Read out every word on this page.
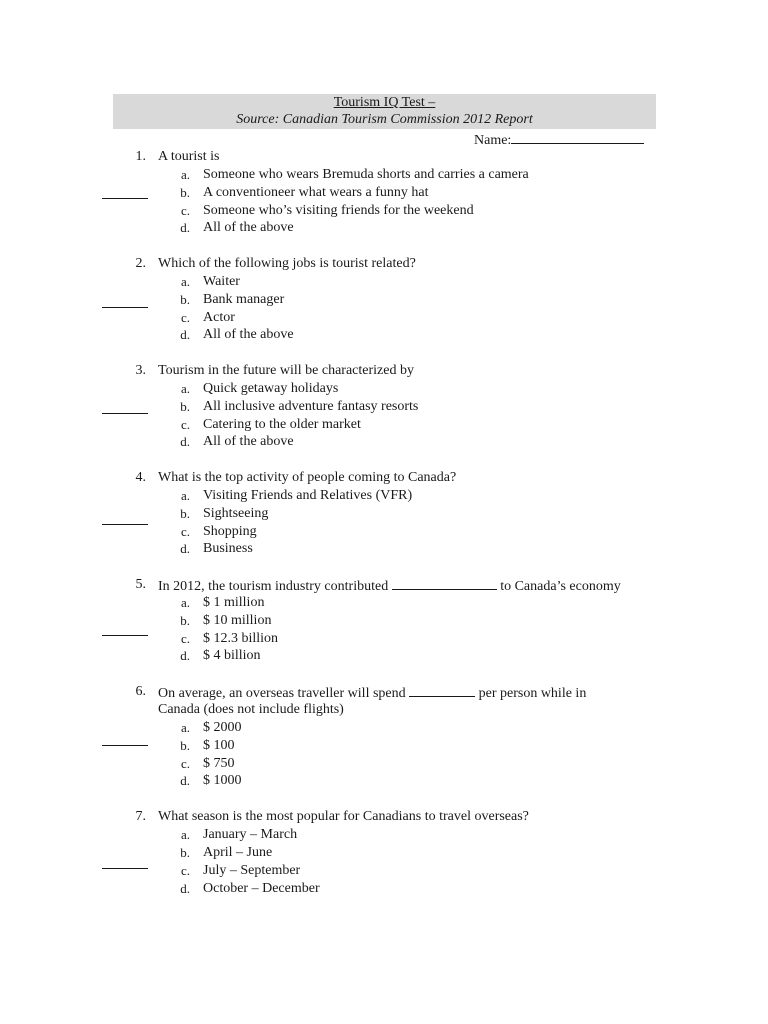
Tourism IQ Test –
Source: Canadian Tourism Commission 2012 Report
Name:
1. A tourist is
a. Someone who wears Bremuda shorts and carries a camera
b. A conventioneer what wears a funny hat
c. Someone who’s visiting friends for the weekend
d. All of the above
2. Which of the following jobs is tourist related?
a. Waiter
b. Bank manager
c. Actor
d. All of the above
3. Tourism in the future will be characterized by
a. Quick getaway holidays
b. All inclusive adventure fantasy resorts
c. Catering to the older market
d. All of the above
4. What is the top activity of people coming to Canada?
a. Visiting Friends and Relatives (VFR)
b. Sightseeing
c. Shopping
d. Business
5. In 2012, the tourism industry contributed	to Canada’s economy
a. $ 1 million
b. $ 10 million
c. $ 12.3 billion
d. $ 4 billion
6. On average, an overseas traveller will spend	per person while in
Canada (does not include flights)
a. $ 2000
b. $ 100
c. $ 750
d. $ 1000
7. What season is the most popular for Canadians to travel overseas?
a. January – March
b. April – June
c. July – September
d. October – December
